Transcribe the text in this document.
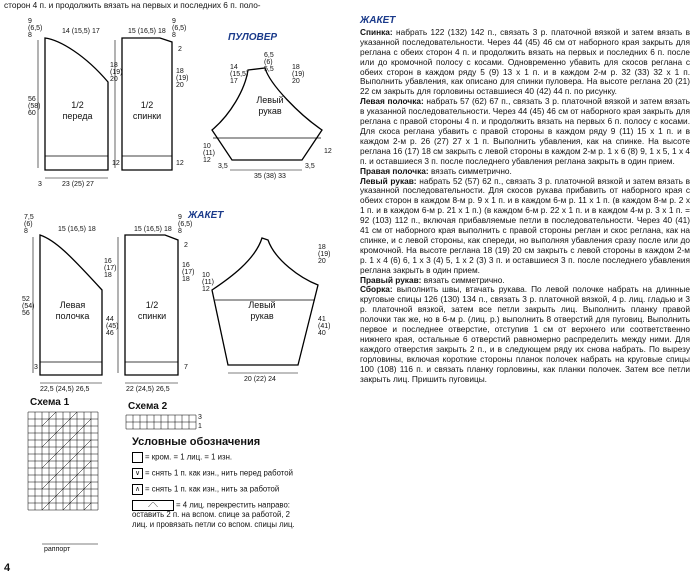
сторон 4 п. и продолжить вязать на первых и последних 6 п. поло-
ПУЛОВЕР
ЖАКЕТ
1/2
переда
1/2
спинки
Левый
рукав
Левая
полочка
1/2
спинки
Левый
рукав
9
(6,5)
8
14 (15,5) 17	15 (16,5) 18
9
(6,5)
8
2
18
(19)
20
18
(19)
20
56
(58)
60
12	12
23 (25) 27
3
14
(15,5)
17
6,5
(6)
5,5	18
(19)
20
10
(11)
12
3,5
35 (38) 33
3,5
12
7,5
(6)
8	15 (16,5) 18	15 (16,5) 18
9
(6,5)
8
2
16
(17)
18
16
(17)
18
52
(54)
56
44
(45)
46
22,5 (24,5) 26,5	22 (24,5) 26,5
7
3
18
(19)
20
10
(11)
12
41
(41)
40
20 (22) 24
Схема 1	Схема 2
раппорт
3
1
Условные обозначения
= кром. = 1 лиц. = 1 изн.
∨ = снять 1 п. как изн., нить перед работой
∧ = снять 1 п. как изн., нить за работой
⟋⟍ = 4 лиц. перекрестить направо:
оставить 2 п. на вспом. спице за работой, 2
лиц. и провязать петли со вспом. спицы лиц.
4
ЖАКЕТ

Спинка: набрать 122 (132) 142 п., связать 3 р. платочной вязкой и затем вязать в указанной последовательности. Через 44 (45) 46 см от наборного края закрыть для реглана с обеих сторон 4 п. и продолжить вязать на первых и последних 6 п. после или до кромочной полосу с косами. Одновременно убавить для скосов реглана с обеих сторон в каждом ряду 5 (9) 13 x 1 п. и в каждом 2-м р. 32 (33) 32 x 1 п. Выполнить убавления, как описано для спинки пуловера. На высоте реглана 20 (21) 22 см закрыть для горловины оставшиеся 40 (42) 44 п. по рисунку.

Левая полочка: набрать 57 (62) 67 п., связать 3 р. платочной вязкой и затем вязать в указанной последовательности. Через 44 (45) 46 см от наборного края закрыть для реглана с правой стороны 4 п. и продолжить вязать на первых 6 п. полосу с косами. Для скоса реглана убавить с правой стороны в каждом ряду 9 (11) 15 x 1 п. и в каждом 2-м р. 26 (27) 27 x 1 п. Выполнить убавления, как на спинке. На высоте реглана 16 (17) 18 см закрыть с левой стороны в каждом 2-м р. 1 x 6 (8) 9, 1 x 5, 1 x 4 п. и оставшиеся 3 п. после последнего убавления реглана закрыть в один прием.

Правая полочка: вязать симметрично.

Левый рукав: набрать 52 (57) 62 п., связать 3 р. платочной вязкой и затем вязать в указанной последовательности. Для скосов рукава прибавить от наборного края с обеих сторон в каждом 8-м р. 9 x 1 п. и в каждом 6-м р. 11 x 1 п. (в каждом 8-м р. 2 x 1 п. и в каждом 6-м р. 21 x 1 п.) (в каждом 6-м р. 22 x 1 п. и в каждом 4-м р. 3 x 1 п. = 92 (103) 112 п., включая прибавляемые петли в последовательности. Через 40 (41) 41 см от наборного края выполнить с правой стороны реглан и скос реглана, как на спинке, и с левой стороны, как спереди, но выполняя убавления сразу после или до кромочной. На высоте реглана 18 (19) 20 см закрыть с левой стороны в каждом 2-м р. 1 x 4 (6) 6, 1 x 3 (4) 5, 1 x 2 (3) 3 п. и оставшиеся 3 п. после последнего убавления реглана закрыть в один прием.

Правый рукав: вязать симметрично.

Сборка: выполнить швы, втачать рукава. По левой полочке набрать на длинные круговые спицы 126 (130) 134 п., связать 3 р. платочной вязкой, 4 р. лиц. гладью и 3 р. платочной вязкой, затем все петли закрыть лиц. Выполнить планку правой полочки так же, но в 6-м р. (лиц. р.) выполнить 8 отверстий для пуговиц. Выполнить первое и последнее отверстие, отступив 1 см от верхнего или соответственно нижнего края, остальные 6 отверстий равномерно распределить между ними. Для каждого отверстия закрыть 2 п., и в следующем ряду их снова набрать. По вырезу горловины, включая короткие стороны планок полочек набрать на круговые спицы 100 (108) 116 п. и связать планку горловины, как планки полочек. Затем все петли закрыть лиц. Пришить пуговицы.
